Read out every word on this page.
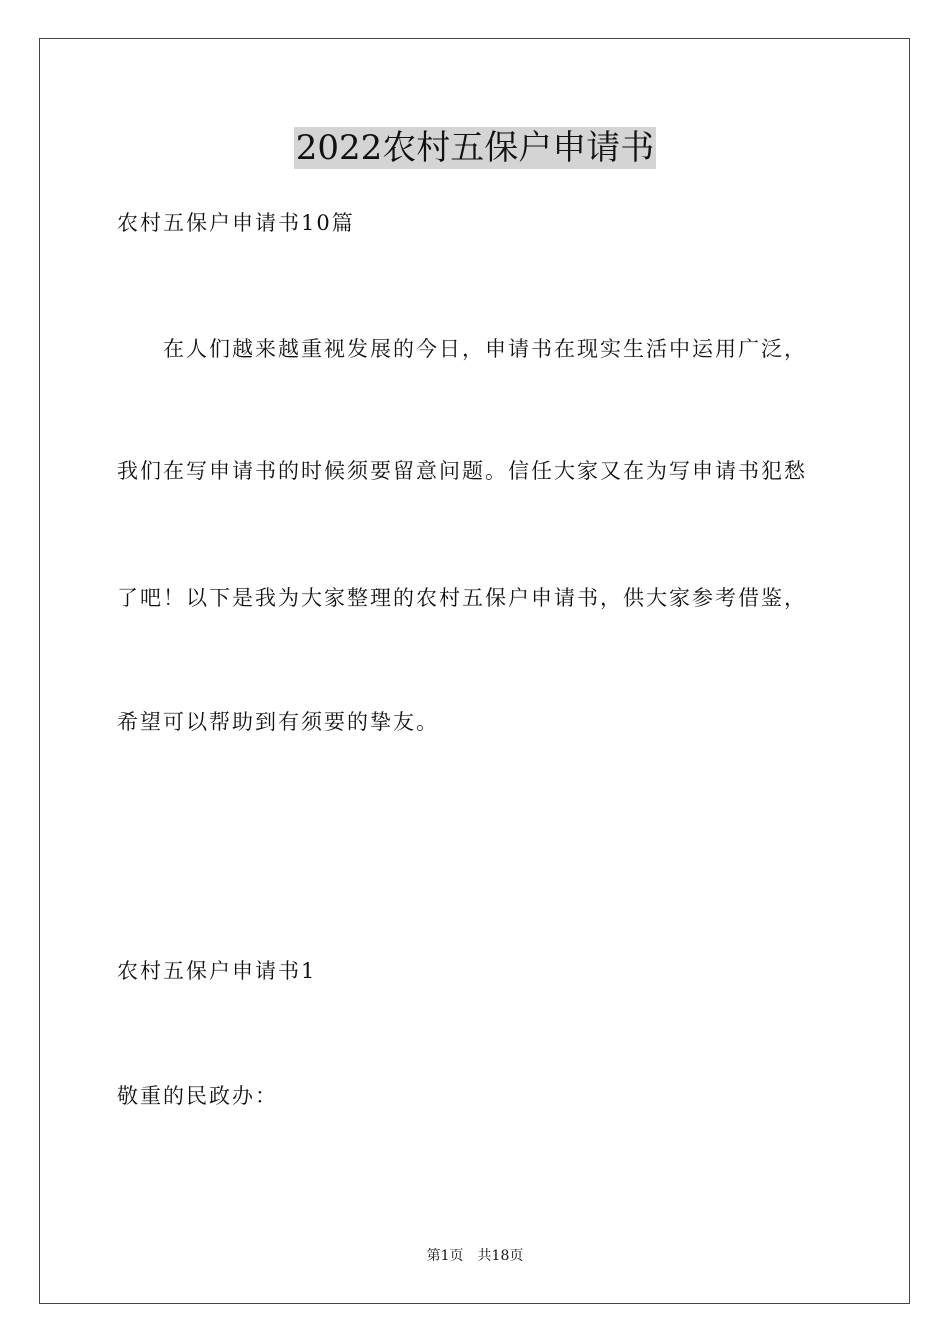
2022农村五保户申请书
农村五保户申请书10篇
在人们越来越重视发展的今日，申请书在现实生活中运用广泛，
我们在写申请书的时候须要留意问题。信任大家又在为写申请书犯愁
了吧！以下是我为大家整理的农村五保户申请书，供大家参考借鉴，
希望可以帮助到有须要的挚友。
农村五保户申请书1
敬重的民政办：
第1页 共18页
